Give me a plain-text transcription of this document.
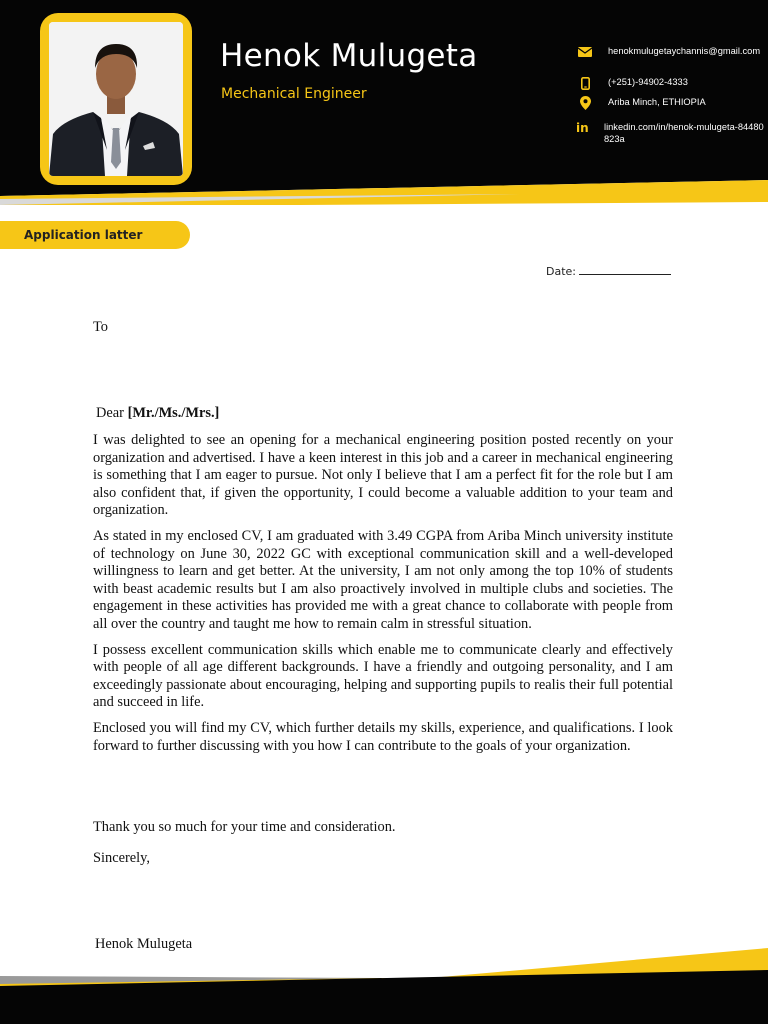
Henok Mulugeta
Mechanical Engineer
henokmulugetaychannis@gmail.com
(+251)-94902-4333
Ariba Minch, ETHIOPIA
in linkedin.com/in/henok-mulugeta-84480823a
Application latter
Date:
To
Dear [Mr./Ms./Mrs.]

I was delighted to see an opening for a mechanical engineering position posted recently on your organization and advertised. I have a keen interest in this job and a career in mechanical engineering is something that I am eager to pursue. Not only I believe that I am a perfect fit for the role but I am also confident that, if given the opportunity, I could become a valuable addition to your team and organization.

As stated in my enclosed CV, I am graduated with 3.49 CGPA from Ariba Minch university institute of technology on June 30, 2022 GC with exceptional communication skill and a well-developed willingness to learn and get better. At the university, I am not only among the top 10% of students with beast academic results but I am also proactively involved in multiple clubs and societies. The engagement in these activities has provided me with a great chance to collaborate with people from all over the country and taught me how to remain calm in stressful situation.

I possess excellent communication skills which enable me to communicate clearly and effectively with people of all age different backgrounds. I have a friendly and outgoing personality, and I am exceedingly passionate about encouraging, helping and supporting pupils to realis their full potential and succeed in life.

Enclosed you will find my CV, which further details my skills, experience, and qualifications. I look forward to further discussing with you how I can contribute to the goals of your organization.

Thank you so much for your time and consideration.
Sincerely,
Henok Mulugeta
